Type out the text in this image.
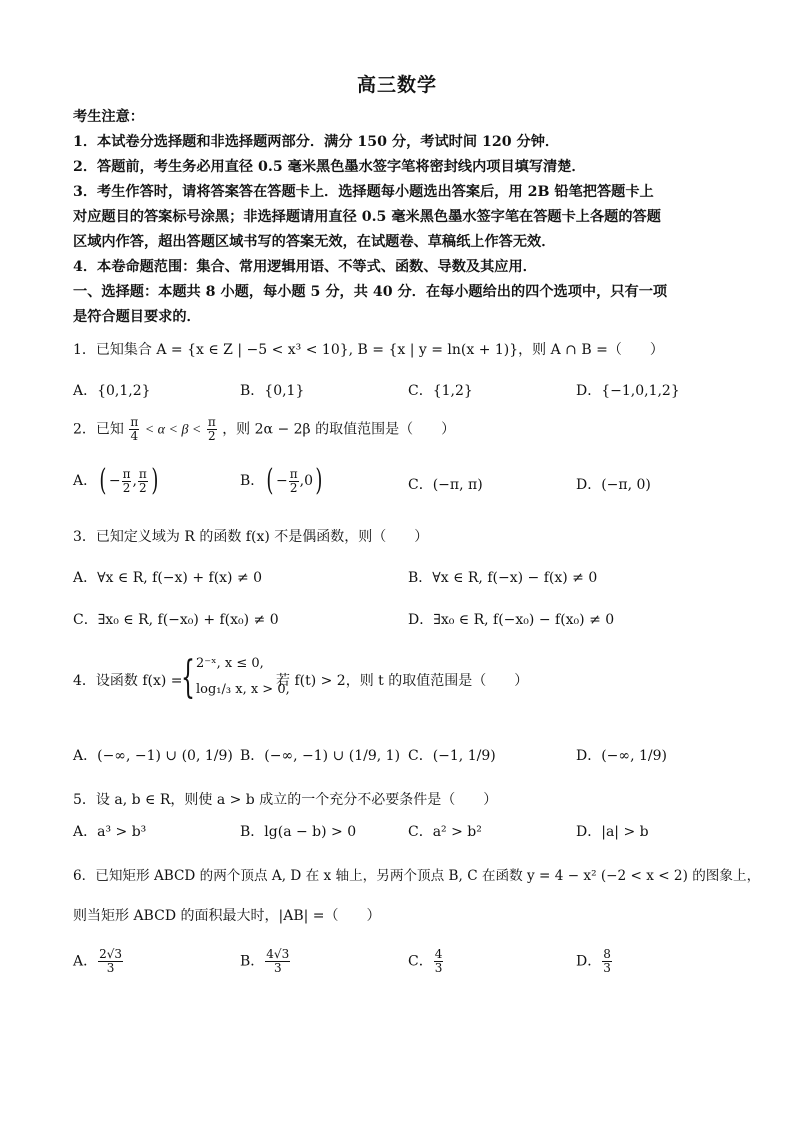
高三数学
考生注意：
1．本试卷分选择题和非选择题两部分．满分 150 分，考试时间 120 分钟．
2．答题前，考生务必用直径 0.5 毫米黑色墨水签字笔将密封线内项目填写清楚．
3．考生作答时，请将答案答在答题卡上．选择题每小题选出答案后，用 2B 铅笔把答题卡上
对应题目的答案标号涂黑；非选择题请用直径 0.5 毫米黑色墨水签字笔在答题卡上各题的答题
区域内作答，超出答题区域书写的答案无效，在试题卷、草稿纸上作答无效．
4．本卷命题范围：集合、常用逻辑用语、不等式、函数、导数及其应用．
一、选择题：本题共 8 小题，每小题 5 分，共 40 分．在每小题给出的四个选项中，只有一项
是符合题目要求的．
1．已知集合 A = {x ∈ Z | −5 < x³ < 10}, B = {x | y = ln(x + 1)}，则 A ∩ B =（　　）
A．{0,1,2}	B．{0,1}	C．{1,2}	D．{−1,0,1,2}
2．已知 $\frac{\pi}{4} < \alpha < \beta < \frac{\pi}{2}$ ，则 2α − 2β 的取值范围是（　　）
A．( − $\frac{\pi}{2}$ , $\frac{\pi}{2}$ )	B．( − $\frac{\pi}{2} ,0$)	C．(−π, π)	D．(−π, 0)
3．已知定义域为 R 的函数 f(x) 不是偶函数，则（　　）
A．∀x ∈ R, f(−x) + f(x) ≠ 0	B．∀x ∈ R, f(−x) − f(x) ≠ 0
C．∃x₀ ∈ R, f(−x₀) + f(x₀) ≠ 0	D．∃x₀ ∈ R, f(−x₀) − f(x₀) ≠ 0
4．设函数 f(x) =
{ 2⁻ˣ, x ≤ 0,
log₁/₃ x, x > 0,
若 f(t) > 2，则 t 的取值范围是（　　）
A．(−∞, −1) ∪ (0, 1/9) B．(−∞, −1) ∪ (1/9, 1) C．(−1, 1/9)	D．(−∞, 1/9)
5．设 a, b ∈ R，则使 a > b 成立的一个充分不必要条件是（　　）
A．a³ > b³	B．lg(a − b) > 0	C．a² > b²	D．|a| > b
6．已知矩形 ABCD 的两个顶点 A, D 在 x 轴上，另两个顶点 B, C 在函数 y = 4 − x² (−2 < x < 2) 的图象上，
则当矩形 ABCD 的面积最大时，|AB| =（　　）
A． $\frac{2√3}{3}$	B． $\frac{4√3}{3}$	C． $\frac{4}{3}$	D． $\frac{8}{3}$
